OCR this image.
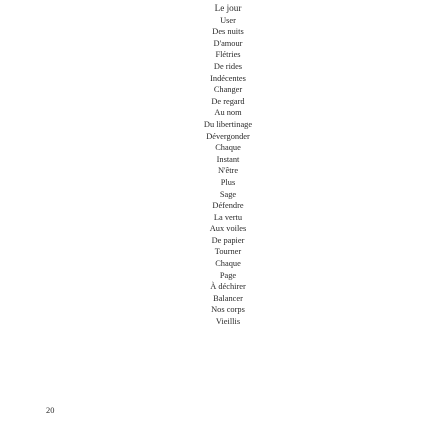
Le jour
User
Des nuits
D'amour
Flétries
De rides
Indécentes
Changer
De regard
Au nom
Du libertinage
Dévergonder
Chaque
Instant
N'être
Plus
Sage
Défendre
La vertu
Aux voiles
De papier
Tourner
Chaque
Page
À déchirer
Balancer
Nos corps
Vieillis
20
